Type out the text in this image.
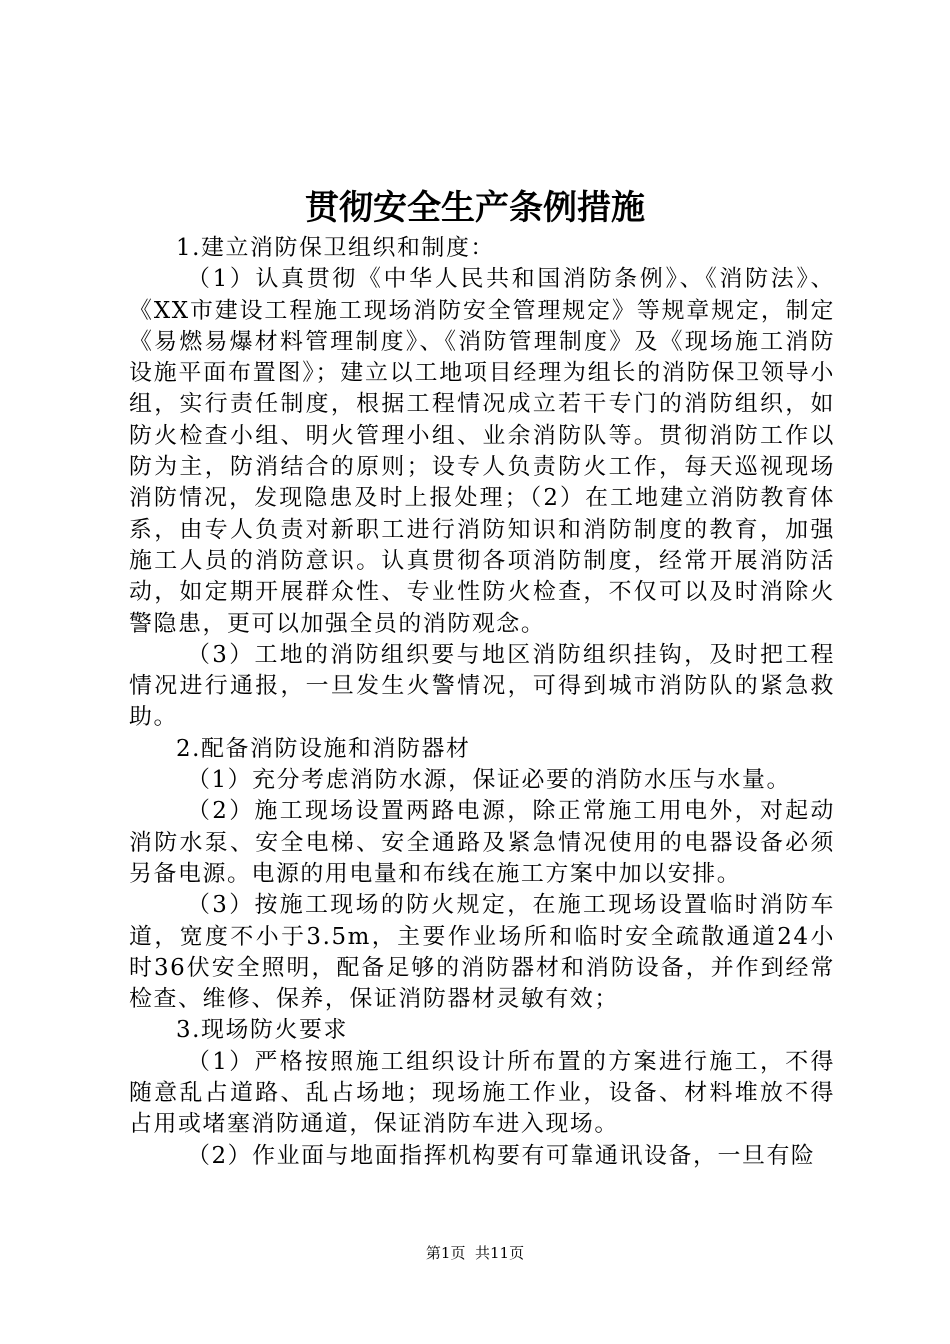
贯彻安全生产条例措施

1.建立消防保卫组织和制度：

（1）认真贯彻《中华人民共和国消防条例》、《消防法》、《XX市建设工程施工现场消防安全管理规定》等规章规定，制定《易燃易爆材料管理制度》、《消防管理制度》及《现场施工消防设施平面布置图》；建立以工地项目经理为组长的消防保卫领导小组，实行责任制度，根据工程情况成立若干专门的消防组织，如防火检查小组、明火管理小组、业余消防队等。贯彻消防工作以防为主，防消结合的原则；设专人负责防火工作，每天巡视现场消防情况，发现隐患及时上报处理；（2）在工地建立消防教育体系，由专人负责对新职工进行消防知识和消防制度的教育，加强施工人员的消防意识。认真贯彻各项消防制度，经常开展消防活动，如定期开展群众性、专业性防火检查，不仅可以及时消除火警隐患，更可以加强全员的消防观念。

（3）工地的消防组织要与地区消防组织挂钩，及时把工程情况进行通报，一旦发生火警情况，可得到城市消防队的紧急救助。

2.配备消防设施和消防器材

（1）充分考虑消防水源，保证必要的消防水压与水量。

（2）施工现场设置两路电源，除正常施工用电外，对起动消防水泵、安全电梯、安全通路及紧急情况使用的电器设备必须另备电源。电源的用电量和布线在施工方案中加以安排。

（3）按施工现场的防火规定，在施工现场设置临时消防车道，宽度不小于3.5m，主要作业场所和临时安全疏散通道24小时36伏安全照明，配备足够的消防器材和消防设备，并作到经常检查、维修、保养，保证消防器材灵敏有效；

3.现场防火要求

（1）严格按照施工组织设计所布置的方案进行施工，不得随意乱占道路、乱占场地；现场施工作业，设备、材料堆放不得占用或堵塞消防通道，保证消防车进入现场。

（2）作业面与地面指挥机构要有可靠通讯设备，一旦有险

第1页 共11页
